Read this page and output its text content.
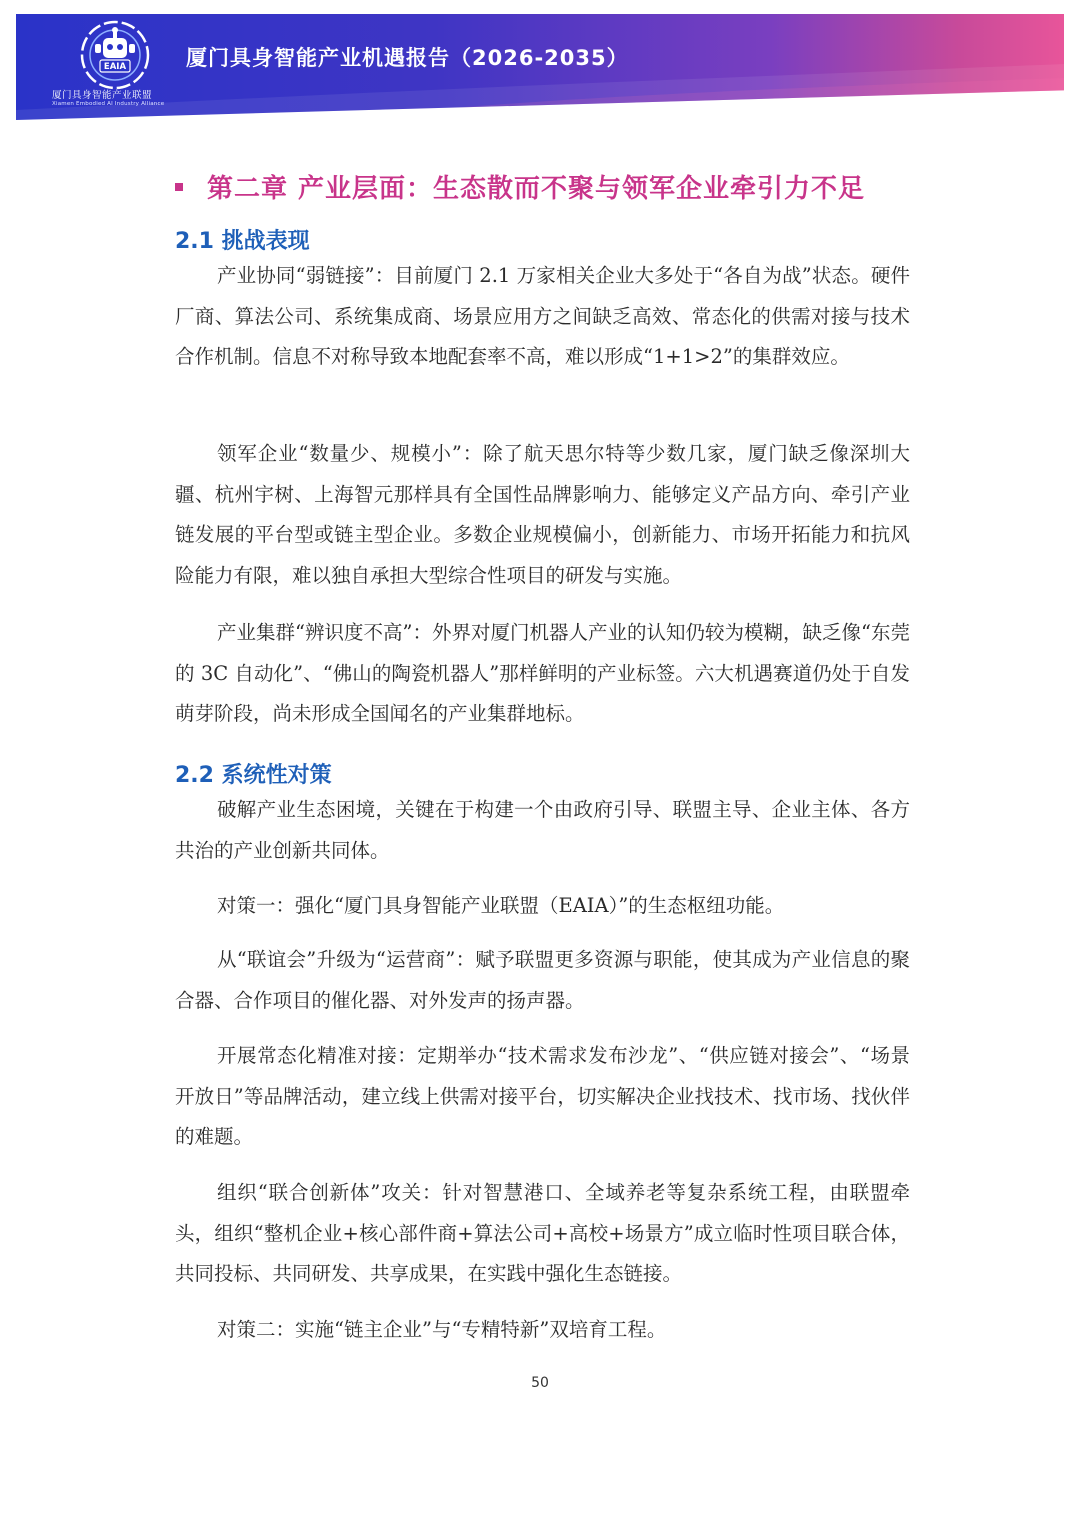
EAIA
厦门具身智能产业联盟
Xiamen Embodied AI Industry Alliance
厦门具身智能产业机遇报告（2026-2035）
第二章 产业层面：生态散而不聚与领军企业牵引力不足
2.1 挑战表现

产业协同“弱链接”：目前厦门 2.1 万家相关企业大多处于“各自为战”状态。硬件厂商、算法公司、系统集成商、场景应用方之间缺乏高效、常态化的供需对接与技术合作机制。信息不对称导致本地配套率不高，难以形成“1+1>2”的集群效应。

领军企业“数量少、规模小”：除了航天思尔特等少数几家，厦门缺乏像深圳大疆、杭州宇树、上海智元那样具有全国性品牌影响力、能够定义产品方向、牵引产业链发展的平台型或链主型企业。多数企业规模偏小，创新能力、市场开拓能力和抗风险能力有限，难以独自承担大型综合性项目的研发与实施。

产业集群“辨识度不高”：外界对厦门机器人产业的认知仍较为模糊，缺乏像“东莞的 3C 自动化”、“佛山的陶瓷机器人”那样鲜明的产业标签。六大机遇赛道仍处于自发萌芽阶段，尚未形成全国闻名的产业集群地标。

2.2 系统性对策

破解产业生态困境，关键在于构建一个由政府引导、联盟主导、企业主体、各方共治的产业创新共同体。

对策一：强化“厦门具身智能产业联盟（EAIA）”的生态枢纽功能。

从“联谊会”升级为“运营商”：赋予联盟更多资源与职能，使其成为产业信息的聚合器、合作项目的催化器、对外发声的扬声器。

开展常态化精准对接：定期举办“技术需求发布沙龙”、“供应链对接会”、“场景开放日”等品牌活动，建立线上供需对接平台，切实解决企业找技术、找市场、找伙伴的难题。

组织“联合创新体”攻关：针对智慧港口、全域养老等复杂系统工程，由联盟牵头，组织“整机企业+核心部件商+算法公司+高校+场景方”成立临时性项目联合体，共同投标、共同研发、共享成果，在实践中强化生态链接。

对策二：实施“链主企业”与“专精特新”双培育工程。

50
